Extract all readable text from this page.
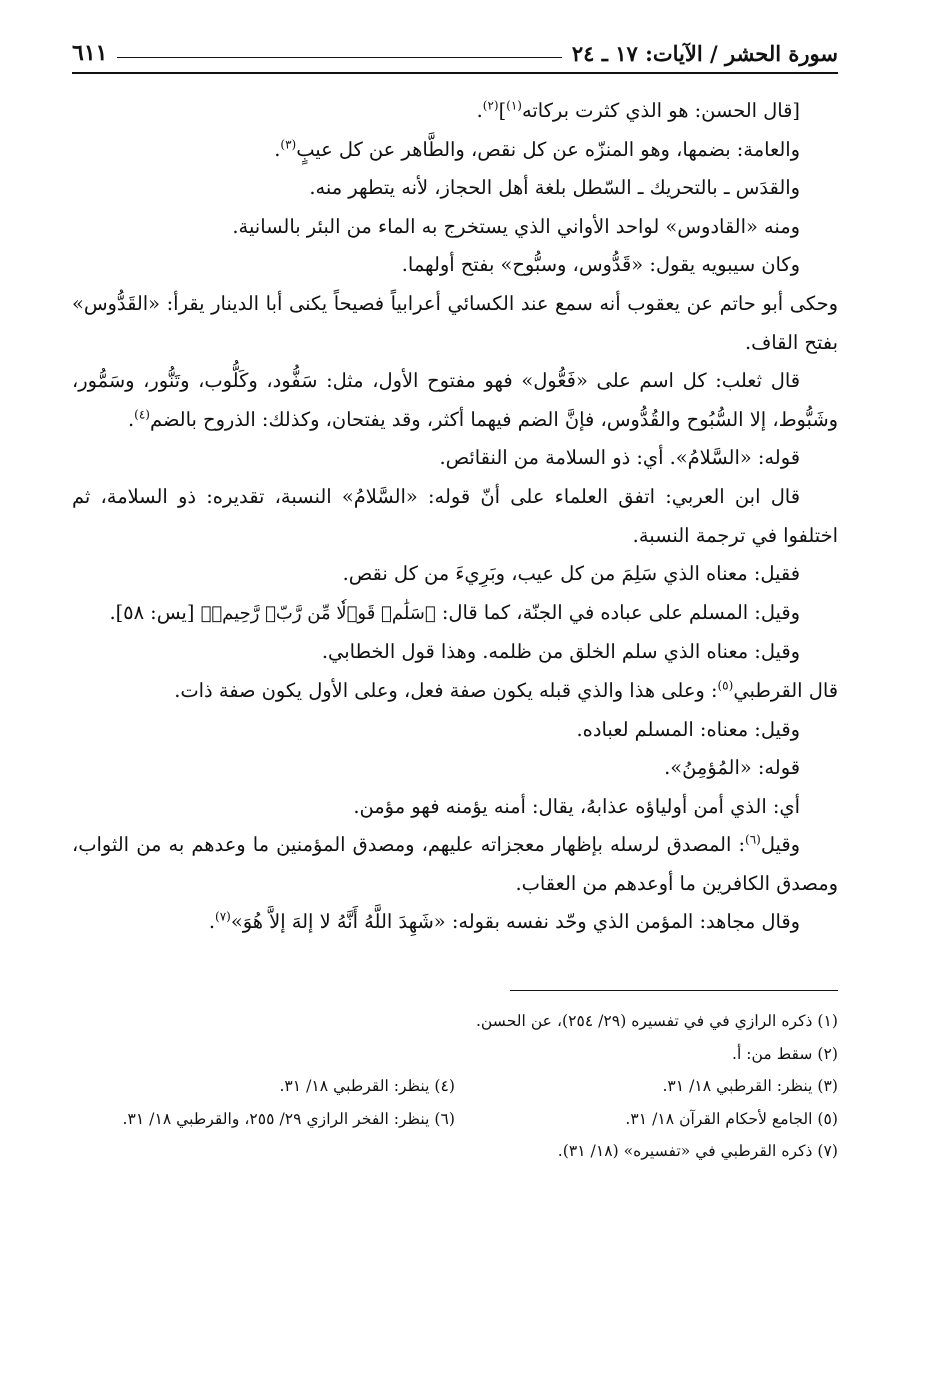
سورة الحشر / الآيات: ١٧ ـ ٢٤
٦١١

[قال الحسن: هو الذي كثرت بركاته$^{(١)}$]$^{(٢)}$.

والعامة: بضمها، وهو المنزّه عن كل نقص، والطَّاهر عن كل عيبٍ$^{(٣)}$.

والقدَس ـ بالتحريك ـ السّطل بلغة أهل الحجاز، لأنه يتطهر منه.

ومنه «القادوس» لواحد الأواني الذي يستخرج به الماء من البئر بالسانية.

وكان سيبويه يقول: «قَدُّوس، وسبُّوح» بفتح أولهما.

وحكى أبو حاتم عن يعقوب أنه سمع عند الكسائي أعرابياً فصيحاً يكنى أبا الدينار يقرأ: «القَدُّوس» بفتح القاف.

قال ثعلب: كل اسم على «فَعُّول» فهو مفتوح الأول، مثل: سَفُّود، وكَلُّوب، وتَنُّور، وسَمُّور، وشَبُّوط، إلا السُّبُوح والقُدُّوس، فإنَّ الضم فيهما أكثر، وقد يفتحان، وكذلك: الذروح بالضم$^{(٤)}$.

قوله: «السَّلامُ». أي: ذو السلامة من النقائص.

قال ابن العربي: اتفق العلماء على أنّ قوله: «السَّلامُ» النسبة، تقديره: ذو السلامة، ثم اختلفوا في ترجمة النسبة.

فقيل: معناه الذي سَلِمَ من كل عيب، وبَرِيءَ من كل نقص.

وقيل: المسلم على عباده في الجنّة، كما قال: ﴿سَلَٰمٞ قَوۡلٗا مِّن رَّبّٖ رَّحِيمٖ﴾ [يس: ٥٨].

وقيل: معناه الذي سلم الخلق من ظلمه. وهذا قول الخطابي.

قال القرطبي$^{(٥)}$: وعلى هذا والذي قبله يكون صفة فعل، وعلى الأول يكون صفة ذات.

وقيل: معناه: المسلم لعباده.

قوله: «المُؤمِنُ».

أي: الذي أمن أولياؤه عذابهُ، يقال: أمنه يؤمنه فهو مؤمن.

وقيل$^{(٦)}$: المصدق لرسله بإظهار معجزاته عليهم، ومصدق المؤمنين ما وعدهم به من الثواب، ومصدق الكافرين ما أوعدهم من العقاب.

وقال مجاهد: المؤمن الذي وحّد نفسه بقوله: «شَهِدَ اللَّهُ أَنَّهُ لا إلهَ إلاَّ هُوَ»$^{(٧)}$.

(١) ذكره الرازي في في تفسيره (٢٩/ ٢٥٤)، عن الحسن.
(٢) سقط من: أ.
(٣) ينظر: القرطبي ١٨/ ٣١.
(٤) ينظر: القرطبي ١٨/ ٣١.
(٥) الجامع لأحكام القرآن ١٨/ ٣١.
(٦) ينظر: الفخر الرازي ٢٩/ ٢٥٥، والقرطبي ١٨/ ٣١.
(٧) ذكره القرطبي في «تفسيره» (١٨/ ٣١).
